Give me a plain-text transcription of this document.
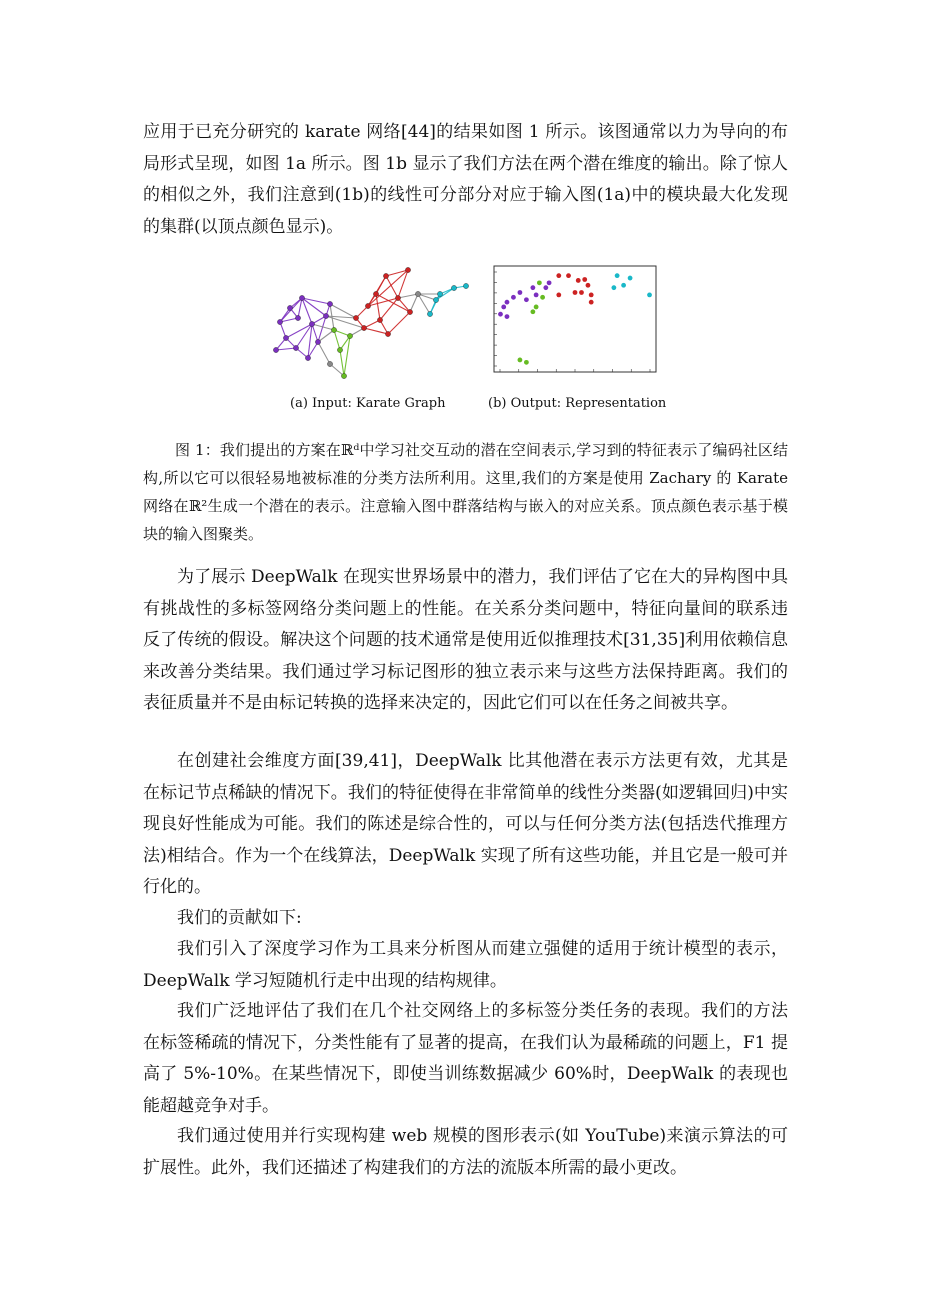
应用于已充分研究的 karate 网络[44]的结果如图 1 所示。该图通常以力为导向的布局形式呈现，如图 1a 所示。图 1b 显示了我们方法在两个潜在维度的输出。除了惊人的相似之外，我们注意到(1b)的线性可分部分对应于输入图(1a)中的模块最大化发现的集群(以顶点颜色显示)。

(a) Input: Karate Graph	(b) Output: Representation

图 1：我们提出的方案在ℝᵈ中学习社交互动的潜在空间表示,学习到的特征表示了编码社区结构,所以它可以很轻易地被标准的分类方法所利用。这里,我们的方案是使用 Zachary 的 Karate 网络在ℝ²生成一个潜在的表示。注意输入图中群落结构与嵌入的对应关系。顶点颜色表示基于模块的输入图聚类。

为了展示 DeepWalk 在现实世界场景中的潜力，我们评估了它在大的异构图中具有挑战性的多标签网络分类问题上的性能。在关系分类问题中，特征向量间的联系违反了传统的假设。解决这个问题的技术通常是使用近似推理技术[31,35]利用依赖信息来改善分类结果。我们通过学习标记图形的独立表示来与这些方法保持距离。我们的表征质量并不是由标记转换的选择来决定的，因此它们可以在任务之间被共享。

在创建社会维度方面[39,41]，DeepWalk 比其他潜在表示方法更有效，尤其是在标记节点稀缺的情况下。我们的特征使得在非常简单的线性分类器(如逻辑回归)中实现良好性能成为可能。我们的陈述是综合性的，可以与任何分类方法(包括迭代推理方法)相结合。作为一个在线算法，DeepWalk 实现了所有这些功能，并且它是一般可并行化的。

我们的贡献如下:

我们引入了深度学习作为工具来分析图从而建立强健的适用于统计模型的表示，DeepWalk 学习短随机行走中出现的结构规律。

我们广泛地评估了我们在几个社交网络上的多标签分类任务的表现。我们的方法在标签稀疏的情况下，分类性能有了显著的提高，在我们认为最稀疏的问题上，F1 提高了 5%-10%。在某些情况下，即使当训练数据减少 60%时，DeepWalk 的表现也能超越竞争对手。

我们通过使用并行实现构建 web 规模的图形表示(如 YouTube)来演示算法的可扩展性。此外，我们还描述了构建我们的方法的流版本所需的最小更改。
